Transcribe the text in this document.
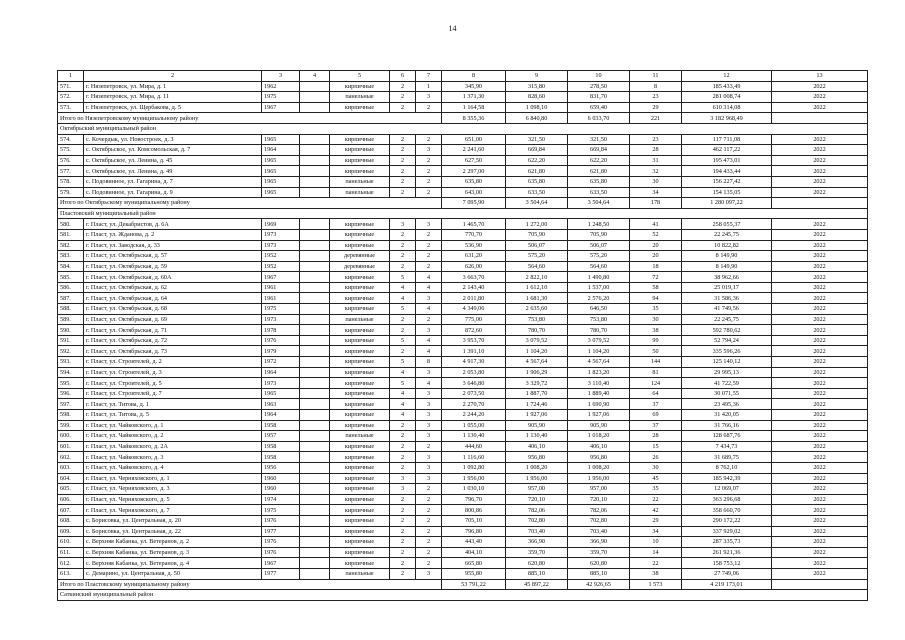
14
1	2	3	4	5	6	7	8	9	10	11	12	13
571.	г. Нязепетровск, ул. Мира, д. 1	1962		кирпичные	2	1	345,90	315,80	278,50	8	185 433,49	2022
572.	г. Нязепетровск, ул. Мира, д. 11	1975		панельные	2	3	1 371,30	828,60	831,70	23	281 008,74	2022
573.	г. Нязепетровск, ул. Щербакова, д. 5	1967		кирпичные	2	2	1 164,58	1 098,10	659,40	29	610 314,08	2022
Итого по Нязепетровскому муниципальному району							8 355,36	6 840,80	6 033,70	221	3 182 968,49	
Октябрьский муниципальный район												
574.	с. Кочердык, ул. Новостроек, д. 3	1965		кирпичные	2	2	651,00	321,50	321,50	23	117 711,08	2022
575.	с. Октябрьское, ул. Комсомольская, д. 7	1964		кирпичные	2	3	2 241,60	669,84	669,84	28	462 117,22	2022
576.	с. Октябрьское, ул. Ленина, д. 45	1965		кирпичные	2	2	627,50	622,20	622,20	31	195 473,01	2022
577.	с. Октябрьское, ул. Ленина, д. 49	1965		кирпичные	2	2	2 297,00	621,80	621,80	32	194 433,44	2022
578.	с. Подовинное, ул. Гагарина, д. 7	1965		панельные	2	2	635,80	635,80	635,80	30	156 227,42	2022
579.	с. Подовинное, ул. Гагарина, д. 9	1965		панельные	2	2	643,00	633,50	633,50	34	154 135,05	2022
Итого по Октябрьскому муниципальному району							7 095,90	3 504,64	3 504,64	178	1 280 097,22	
Пластовский муниципальный район												
580.	г. Пласт, ул. Декабристов, д. 6А	1969		кирпичные	3	3	1 465,70	1 272,00	1 248,50	41	258 055,37	2022
581.	г. Пласт, ул. Жданова, д. 2	1973		кирпичные	2	2	770,70	705,90	705,90	52	22 245,75	2022
582.	г. Пласт, ул. Заводская, д. 33	1973		кирпичные	2	2	536,90	506,07	506,07	20	10 822,82	2022
583.	г. Пласт, ул. Октябрьская, д. 57	1952		деревянные	2	2	631,20	575,20	575,20	20	8 149,90	2022
584.	г. Пласт, ул. Октябрьская, д. 59	1952		деревянные	2	2	626,00	564,60	564,60	18	8 149,90	2022
585.	г. Пласт, ул. Октябрьская, д. 60А	1967		кирпичные	5	4	3 663,70	2 822,10	1 490,80	72	38 962,66	2022
586.	г. Пласт, ул. Октябрьская, д. 62	1961		кирпичные	4	4	2 143,40	1 612,10	1 537,00	58	25 019,17	2022
587.	г. Пласт, ул. Октябрьская, д. 64	1961		кирпичные	4	3	2 011,80	1 681,30	2 576,20	94	31 586,36	2022
588.	г. Пласт, ул. Октябрьская, д. 68	1975		кирпичные	5	4	4 349,06	2 635,60	646,50	35	41 749,56	2022
589.	г. Пласт, ул. Октябрьская, д. 69	1973		панельные	2	2	775,00	753,80	753,80	30	22 245,75	2022
590.	г. Пласт, ул. Октябрьская, д. 71	1978		кирпичные	2	3	872,60	780,70	780,70	38	592 780,62	2022
591.	г. Пласт, ул. Октябрьская, д. 72	1976		кирпичные	5	4	3 953,70	3 079,52	3 079,52	99	52 794,24	2022
592.	г. Пласт, ул. Октябрьская, д. 73	1979		кирпичные	2	4	1 391,10	1 104,20	1 104,20	50	335 596,26	2022
593.	г. Пласт, ул. Строителей, д. 2	1972		кирпичные	5	8	4 917,30	4 567,64	4 567,64	144	125 140,12	2022
594.	г. Пласт, ул. Строителей, д. 3	1964		кирпичные	4	3	2 053,80	1 906,29	1 823,20	81	29 995,13	2022
595.	г. Пласт, ул. Строителей, д. 5	1973		кирпичные	5	4	3 646,80	3 329,72	3 110,40	124	41 722,59	2022
596.	г. Пласт, ул. Строителей, д. 7	1965		кирпичные	4	3	2 073,50	1 887,70	1 889,40	64	30 071,55	2022
597.	г. Пласт, ул. Титова, д. 1	1963		кирпичные	4	3	2 270,70	1 724,46	1 690,90	37	23 495,36	2022
598.	г. Пласт, ул. Титова, д. 5	1964		кирпичные	4	3	2 244,20	1 927,06	1 927,06	69	31 420,05	2022
599.	г. Пласт, ул. Чайковского, д. 1	1958		кирпичные	2	3	1 055,00	905,90	905,90	37	31 766,16	2022
600.	г. Пласт, ул. Чайковского, д. 2	1957		панельные	2	3	1 130,40	1 130,40	1 018,20	28	128 687,76	2022
601.	г. Пласт, ул. Чайковского, д. 2А	1958		кирпичные	2	2	444,60	406,10	406,10	15	7 434,73	2022
602.	г. Пласт, ул. Чайковского, д. 3	1958		кирпичные	2	3	1 116,60	956,80	956,80	26	31 689,75	2022
603.	г. Пласт, ул. Чайковского, д. 4	1956		кирпичные	2	3	1 092,80	1 008,20	1 008,20	30	8 762,10	2022
604.	г. Пласт, ул. Черняховского, д. 1	1960		кирпичные	3	3	1 956,00	1 956,00	1 956,00	45	185 942,39	2022
605.	г. Пласт, ул. Черняховского, д. 3	1960		кирпичные	3	2	1 030,10	957,00	957,00	35	12 069,07	2022
606.	г. Пласт, ул. Черняховского, д. 5	1974		кирпичные	2	2	796,70	720,10	720,10	22	363 296,68	2022
607.	г. Пласт, ул. Черняховского, д. 7	1975		кирпичные	2	2	800,86	782,06	782,06	42	358 660,70	2022
608.	с. Борисовка, ул. Центральная, д. 20	1976		кирпичные	2	2	705,10	702,80	702,80	29	290 172,22	2022
609.	с. Борисовка, ул. Центральная, д. 22	1977		кирпичные	2	2	796,80	703,40	703,40	34	337 929,02	2022
610.	с. Верхняя Кабанка, ул. Ветеранов, д. 2	1976		кирпичные	2	2	443,40	366,90	366,90	10	287 335,73	2022
611.	с. Верхняя Кабанка, ул. Ветеранов, д. 3	1976		кирпичные	2	2	404,10	359,70	359,70	14	261 921,36	2022
612.	с. Верхняя Кабанка, ул. Ветеранов, д. 4	1967		кирпичные	2	2	665,80	620,80	620,80	22	158 753,12	2022
613.	с. Демарино, ул. Центральная, д. 50	1977		панельные	2	3	955,80	885,10	885,10	38	27 749,06	2022
Итого по Пластовскому муниципальному району							53 791,22	45 897,22	42 926,65	1 573	4 219 173,01	
Саткинский муниципальный район												
